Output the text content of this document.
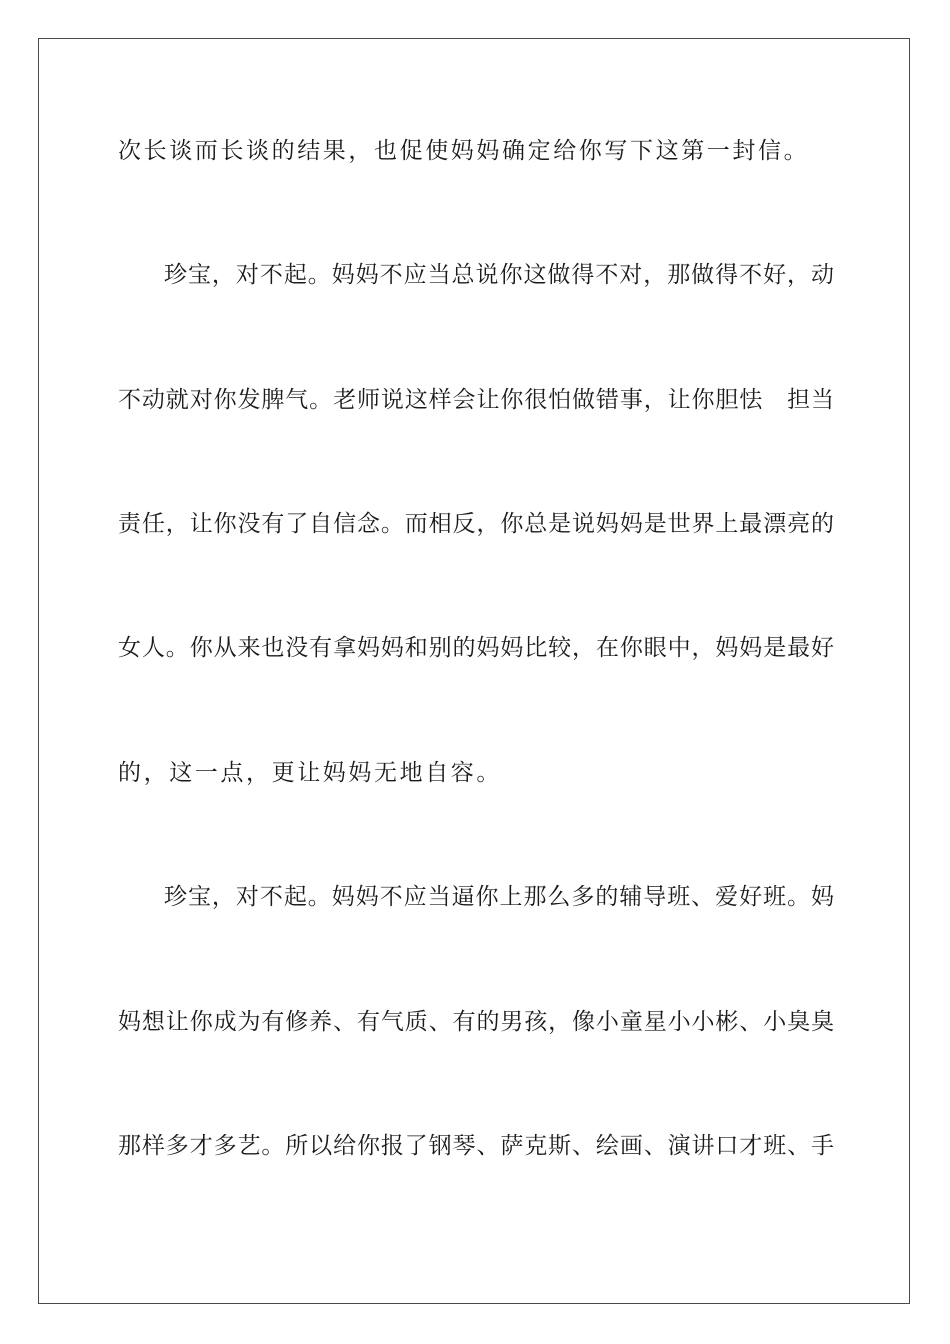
次长谈而长谈的结果，也促使妈妈确定给你写下这第一封信。
珍宝，对不起。妈妈不应当总说你这做得不对，那做得不好，动
不动就对你发脾气。老师说这样会让你很怕做错事，让你胆怯　担当
责任，让你没有了自信念。而相反，你总是说妈妈是世界上最漂亮的
女人。你从来也没有拿妈妈和别的妈妈比较，在你眼中，妈妈是最好
的，这一点，更让妈妈无地自容。
珍宝，对不起。妈妈不应当逼你上那么多的辅导班、爱好班。妈
妈想让你成为有修养、有气质、有的男孩，像小童星小小彬、小臭臭
那样多才多艺。所以给你报了钢琴、萨克斯、绘画、演讲口才班、手
